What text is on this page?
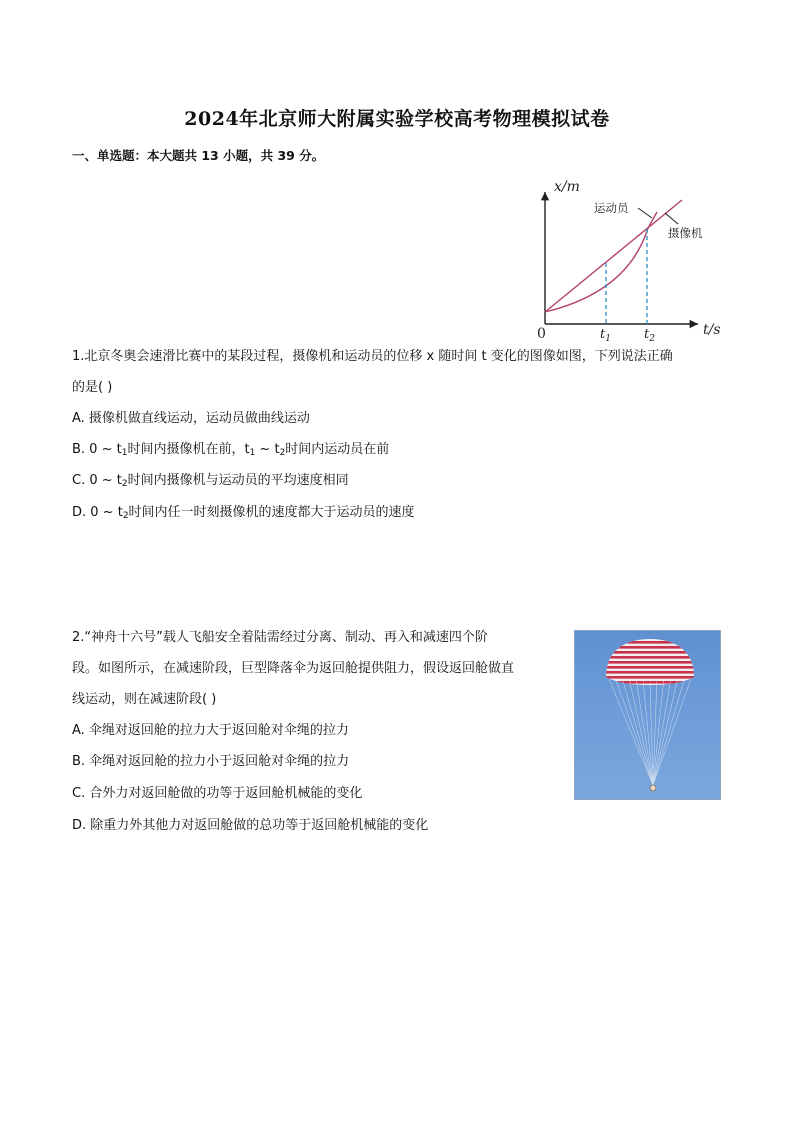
2024年北京师大附属实验学校高考物理模拟试卷
一、单选题：本大题共 13 小题，共 39 分。
x/m
t/s
0	$t_1$	$t_2$
运动员
摄像机
1.北京冬奥会速滑比赛中的某段过程，摄像机和运动员的位移 x 随时间 t 变化的图像如图，下列说法正确
的是( )
A. 摄像机做直线运动，运动员做曲线运动
B. 0 ~ $t_1$时间内摄像机在前，$t_1$ ~ $t_2$时间内运动员在前
C. 0 ~ $t_2$时间内摄像机与运动员的平均速度相同
D. 0 ~ $t_2$时间内任一时刻摄像机的速度都大于运动员的速度
2.“神舟十六号”载人飞船安全着陆需经过分离、制动、再入和减速四个阶
段。如图所示，在减速阶段，巨型降落伞为返回舱提供阻力，假设返回舱做直
线运动，则在减速阶段( )
A. 伞绳对返回舱的拉力大于返回舱对伞绳的拉力
B. 伞绳对返回舱的拉力小于返回舱对伞绳的拉力
C. 合外力对返回舱做的功等于返回舱机械能的变化
D. 除重力外其他力对返回舱做的总功等于返回舱机械能的变化
